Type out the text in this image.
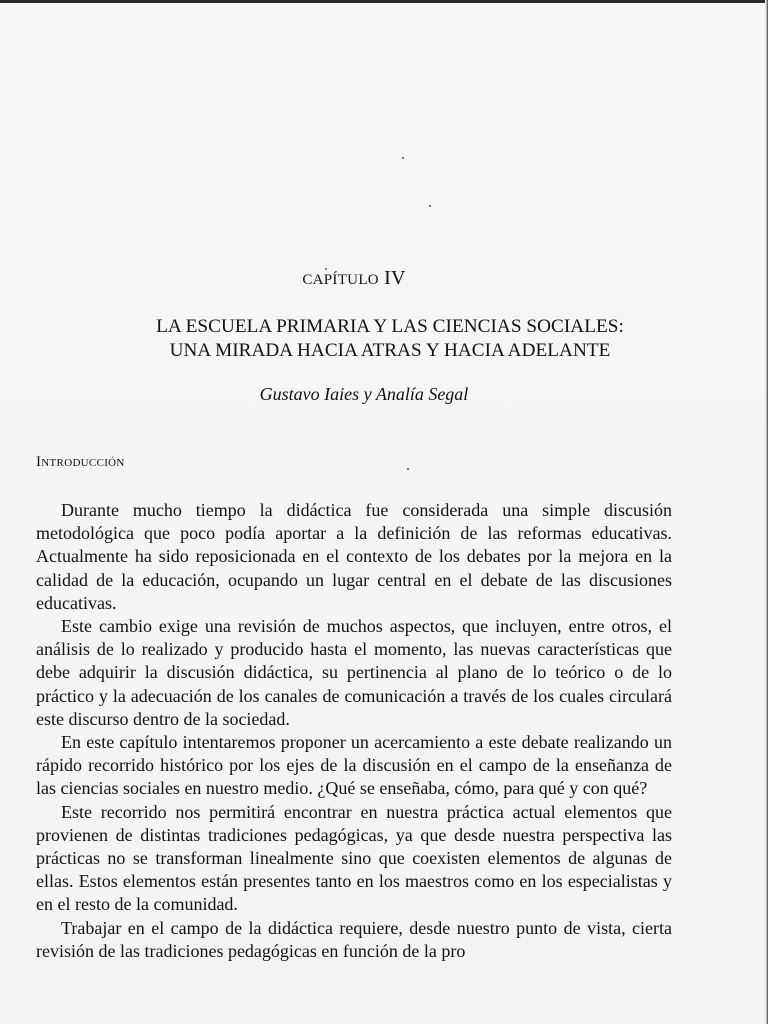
CAPÍTULO IV
LA ESCUELA PRIMARIA Y LAS CIENCIAS SOCIALES:
UNA MIRADA HACIA ATRAS Y HACIA ADELANTE
Gustavo Iaies y Analía Segal
Introducción

Durante mucho tiempo la didáctica fue considerada una simple discusión metodológica que poco podía aportar a la definición de las reformas educativas. Actualmente ha sido reposicionada en el contexto de los debates por la mejora en la calidad de la educación, ocupando un lugar central en el debate de las discusiones educativas.

Este cambio exige una revisión de muchos aspectos, que incluyen, entre otros, el análisis de lo realizado y producido hasta el momento, las nuevas características que debe adquirir la discusión didáctica, su pertinencia al plano de lo teórico o de lo práctico y la adecuación de los canales de comunicación a través de los cuales circulará este discurso dentro de la sociedad.

En este capítulo intentaremos proponer un acercamiento a este debate realizando un rápido recorrido histórico por los ejes de la discusión en el campo de la enseñanza de las ciencias sociales en nuestro medio. ¿Qué se enseñaba, cómo, para qué y con qué?

Este recorrido nos permitirá encontrar en nuestra práctica actual elementos que provienen de distintas tradiciones pedagógicas, ya que desde nuestra perspectiva las prácticas no se transforman linealmente sino que coexisten elementos de algunas de ellas. Estos elementos están presentes tanto en los maestros como en los especialistas y en el resto de la comunidad.

Trabajar en el campo de la didáctica requiere, desde nuestro punto de vista, cierta revisión de las tradiciones pedagógicas en función de la pro
